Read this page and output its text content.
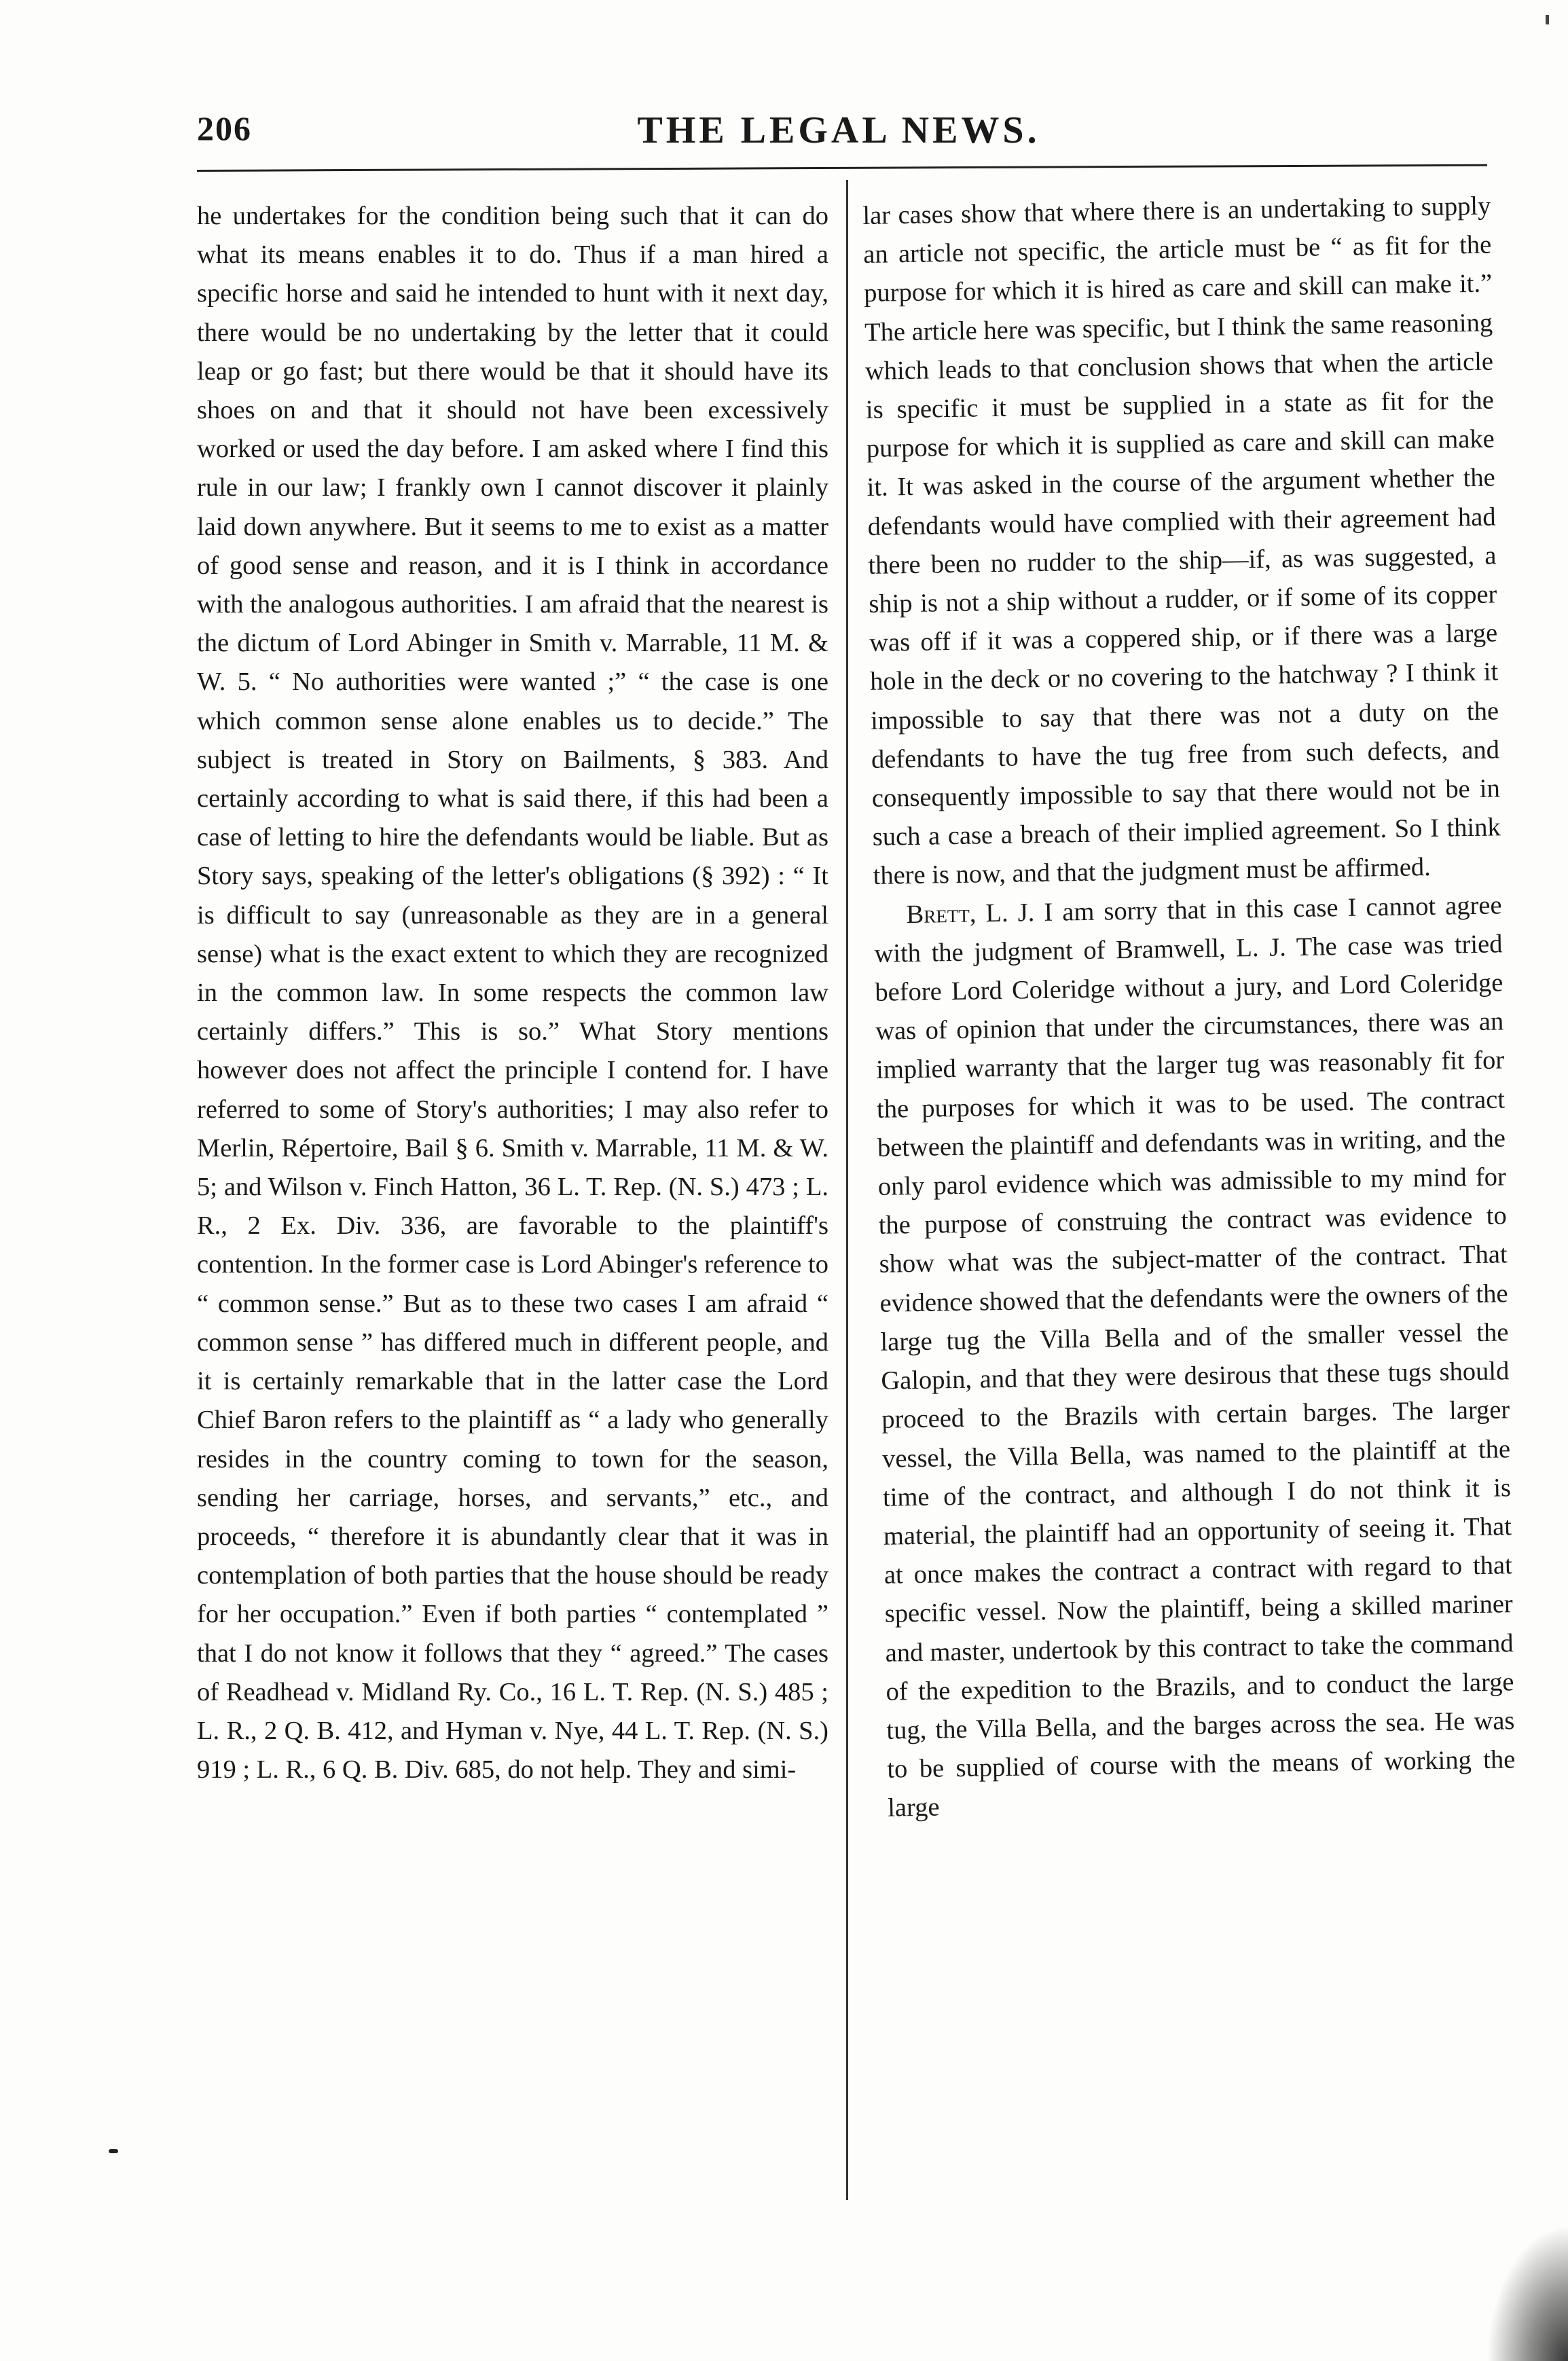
206	THE LEGAL NEWS.

he undertakes for the condition being such that it can do what its means enables it to do. Thus if a man hired a specific horse and said he intended to hunt with it next day, there would be no undertaking by the letter that it could leap or go fast; but there would be that it should have its shoes on and that it should not have been excessively worked or used the day before. I am asked where I find this rule in our law; I frankly own I cannot discover it plainly laid down anywhere. But it seems to me to exist as a matter of good sense and reason, and it is I think in accordance with the analogous authorities. I am afraid that the nearest is the dictum of Lord Abinger in Smith v. Marrable, 11 M. & W. 5. “ No authorities were wanted ;” “ the case is one which common sense alone enables us to decide.” The subject is treated in Story on Bailments, § 383. And certainly according to what is said there, if this had been a case of letting to hire the defendants would be liable. But as Story says, speaking of the letter's obligations (§ 392) : “ It is difficult to say (unreasonable as they are in a general sense) what is the exact extent to which they are recognized in the common law. In some respects the common law certainly differs.” This is so.” What Story mentions however does not affect the principle I contend for. I have referred to some of Story's authorities; I may also refer to Merlin, Répertoire, Bail § 6. Smith v. Marrable, 11 M. & W. 5; and Wilson v. Finch Hatton, 36 L. T. Rep. (N. S.) 473 ; L. R., 2 Ex. Div. 336, are favorable to the plaintiff's contention. In the former case is Lord Abinger's reference to “ common sense.” But as to these two cases I am afraid “ common sense ” has differed much in different people, and it is certainly remarkable that in the latter case the Lord Chief Baron refers to the plaintiff as “ a lady who generally resides in the country coming to town for the season, sending her carriage, horses, and servants,” etc., and proceeds, “ therefore it is abundantly clear that it was in contemplation of both parties that the house should be ready for her occupation.” Even if both parties “ contemplated ” that I do not know it follows that they “ agreed.” The cases of Readhead v. Midland Ry. Co., 16 L. T. Rep. (N. S.) 485 ; L. R., 2 Q. B. 412, and Hyman v. Nye, 44 L. T. Rep. (N. S.) 919 ; L. R., 6 Q. B. Div. 685, do not help. They and simi-

lar cases show that where there is an undertaking to supply an article not specific, the article must be “ as fit for the purpose for which it is hired as care and skill can make it.” The article here was specific, but I think the same reasoning which leads to that conclusion shows that when the article is specific it must be supplied in a state as fit for the purpose for which it is supplied as care and skill can make it. It was asked in the course of the argument whether the defendants would have complied with their agreement had there been no rudder to the ship—if, as was suggested, a ship is not a ship without a rudder, or if some of its copper was off if it was a coppered ship, or if there was a large hole in the deck or no covering to the hatchway ? I think it impossible to say that there was not a duty on the defendants to have the tug free from such defects, and consequently impossible to say that there would not be in such a case a breach of their implied agreement. So I think there is now, and that the judgment must be affirmed.

Brett, L. J. I am sorry that in this case I cannot agree with the judgment of Bramwell, L. J. The case was tried before Lord Coleridge without a jury, and Lord Coleridge was of opinion that under the circumstances, there was an implied warranty that the larger tug was reasonably fit for the purposes for which it was to be used. The contract between the plaintiff and defendants was in writing, and the only parol evidence which was admissible to my mind for the purpose of construing the contract was evidence to show what was the subject-matter of the contract. That evidence showed that the defendants were the owners of the large tug the Villa Bella and of the smaller vessel the Galopin, and that they were desirous that these tugs should proceed to the Brazils with certain barges. The larger vessel, the Villa Bella, was named to the plaintiff at the time of the contract, and although I do not think it is material, the plaintiff had an opportunity of seeing it. That at once makes the contract a contract with regard to that specific vessel. Now the plaintiff, being a skilled mariner and master, undertook by this contract to take the command of the expedition to the Brazils, and to conduct the large tug, the Villa Bella, and the barges across the sea. He was to be supplied of course with the means of working the large
